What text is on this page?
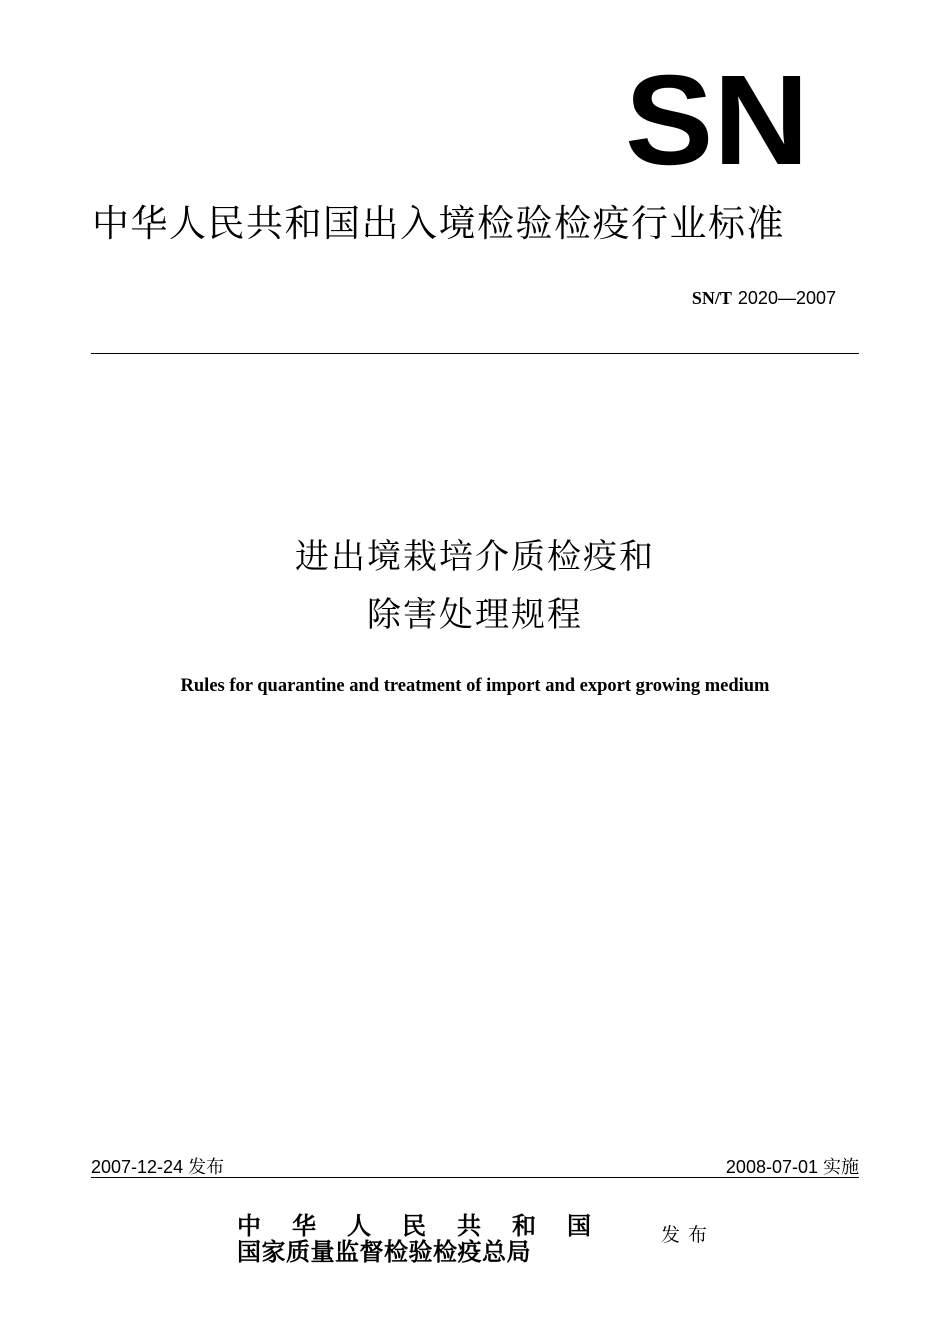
SN
中华人民共和国出入境检验检疫行业标准
SN/T 2020—2007
进出境栽培介质检疫和
除害处理规程
Rules for quarantine and treatment of import and export growing medium
2007-12-24 发布	2008-07-01 实施
中华人民共和国
国家质量监督检验检疫总局
发布
